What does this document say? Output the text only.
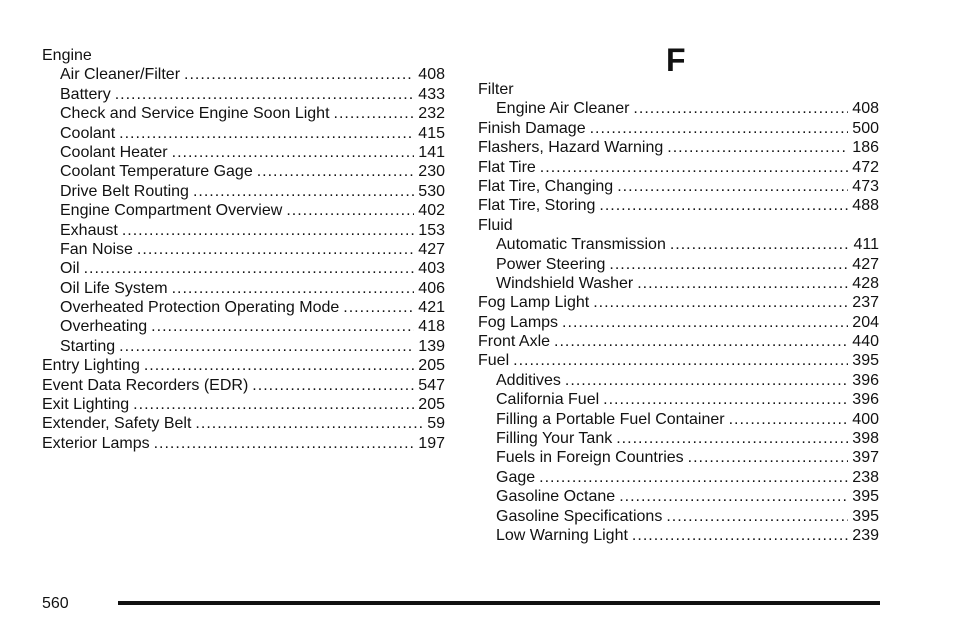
Engine
Air Cleaner/Filter .....	408
Battery .....	433
Check and Service Engine Soon Light .....	232
Coolant .....	415
Coolant Heater .....	141
Coolant Temperature Gage .....	230
Drive Belt Routing .....	530
Engine Compartment Overview .....	402
Exhaust .....	153
Fan Noise .....	427
Oil .....	403
Oil Life System .....	406
Overheated Protection Operating Mode .....	421
Overheating .....	418
Starting .....	139
Entry Lighting .....	205
Event Data Recorders (EDR) .....	547
Exit Lighting .....	205
Extender, Safety Belt .....	59
Exterior Lamps .....	197
F
Filter
Engine Air Cleaner .....	408
Finish Damage .....	500
Flashers, Hazard Warning .....	186
Flat Tire .....	472
Flat Tire, Changing .....	473
Flat Tire, Storing .....	488
Fluid
Automatic Transmission .....	411
Power Steering .....	427
Windshield Washer .....	428
Fog Lamp Light .....	237
Fog Lamps .....	204
Front Axle .....	440
Fuel .....	395
Additives .....	396
California Fuel .....	396
Filling a Portable Fuel Container .....	400
Filling Your Tank .....	398
Fuels in Foreign Countries .....	397
Gage .....	238
Gasoline Octane .....	395
Gasoline Specifications .....	395
Low Warning Light .....	239
560
